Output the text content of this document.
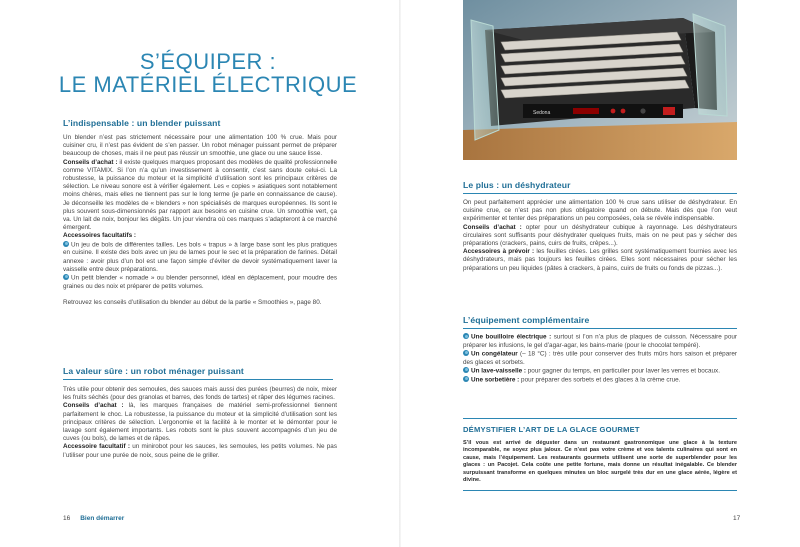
S’ÉQUIPER :
LE MATÉRIEL ÉLECTRIQUE
L’indispensable : un blender puissant

Un blender n’est pas strictement nécessaire pour une alimentation 100 % crue. Mais pour cuisiner cru, il n’est pas évident de s’en passer. Un robot ménager puissant permet de préparer beaucoup de choses, mais il ne peut pas réussir un smoothie, une glace ou une sauce lisse.

Conseils d’achat : il existe quelques marques proposant des modèles de qualité professionnelle comme VITAMIX. Si l’on n’a qu’un investissement à consentir, c’est sans doute celui-ci. La robustesse, la puissance du moteur et la simplicité d’utilisation sont les principaux critères de sélection. Le niveau sonore est à vérifier également. Les « copies » asiatiques sont notablement moins chères, mais elles ne tiennent pas sur le long terme (je parle en connaissance de cause). Je déconseille les modèles de « blenders » non spécialisés de marques européennes. Ils sont le plus souvent sous-dimensionnés par rapport aux besoins en cuisine crue. Un smoothie vert, ça va. Un lait de noix, bonjour les dégâts. Un jour viendra où ces marques s’adapteront à ce marché émergent.

Accessoires facultatifs :

Un jeu de bols de différentes tailles. Les bols « trapus » à large base sont les plus pratiques en cuisine. Il existe des bols avec un jeu de lames pour le sec et la préparation de farines. Détail annexe : avoir plus d’un bol est une façon simple d’éviter de devoir systématiquement laver la vaisselle entre deux préparations.

Un petit blender « nomade » ou blender personnel, idéal en déplacement, pour moudre des graines ou des noix et préparer de petits volumes.

Retrouvez les conseils d’utilisation du blender au début de la partie « Smoothies », page 80.

La valeur sûre : un robot ménager puissant

Très utile pour obtenir des semoules, des sauces mais aussi des purées (beurres) de noix, mixer les fruits séchés (pour des granolas et barres, des fonds de tartes) et râper des légumes racines.

Conseils d’achat : là, les marques françaises de matériel semi-professionnel tiennent parfaitement le choc. La robustesse, la puissance du moteur et la simplicité d’utilisation sont les principaux critères de sélection. L’ergonomie et la facilité à le monter et le démonter pour le lavage sont également importants. Les robots sont le plus souvent accompagnés d’un jeu de cuves (ou bols), de lames et de râpes.

Accessoire facultatif : un minirobot pour les sauces, les semoules, les petits volumes. Ne pas l’utiliser pour une purée de noix, sous peine de le griller.

16 Bien démarrer
Sedona
Le plus : un déshydrateur

On peut parfaitement apprécier une alimentation 100 % crue sans utiliser de déshydrateur. En cuisine crue, ce n’est pas non plus obligatoire quand on débute. Mais dès que l’on veut expérimenter et tenter des préparations un peu composées, cela se révèle indispensable.

Conseils d’achat : opter pour un déshydrateur cubique à rayonnage. Les déshydrateurs circulaires sont suffisants pour déshydrater quelques fruits, mais on ne peut pas y sécher des préparations (crackers, pains, cuirs de fruits, crêpes...).

Accessoires à prévoir : les feuilles cirées. Les grilles sont systématiquement fournies avec les déshydrateurs, mais pas toujours les feuilles cirées. Elles sont nécessaires pour sécher les préparations un peu liquides (pâtes à crackers, à pains, cuirs de fruits ou fonds de pizzas...).

L’équipement complémentaire

Une bouilloire électrique : surtout si l’on n’a plus de plaques de cuisson. Nécessaire pour préparer les infusions, le gel d’agar-agar, les bains-marie (pour le chocolat tempéré).

Un congélateur (– 18 °C) : très utile pour conserver des fruits mûrs hors saison et préparer des glaces et sorbets.

Un lave-vaisselle : pour gagner du temps, en particulier pour laver les verres et bocaux.

Une sorbetière : pour préparer des sorbets et des glaces à la crème crue.

DÉMYSTIFIER L’ART DE LA GLACE GOURMET

S’il vous est arrivé de déguster dans un restaurant gastronomique une glace à la texture incomparable, ne soyez plus jaloux. Ce n’est pas votre crème et vos talents culinaires qui sont en cause, mais l’équipement. Les restaurants gourmets utilisent une sorte de superblender pour les glaces : un Pacojet. Cela coûte une petite fortune, mais donne un résultat inégalable. Ce blender surpuissant transforme en quelques minutes un bloc surgelé très dur en une glace aérée, légère et divine.

17
